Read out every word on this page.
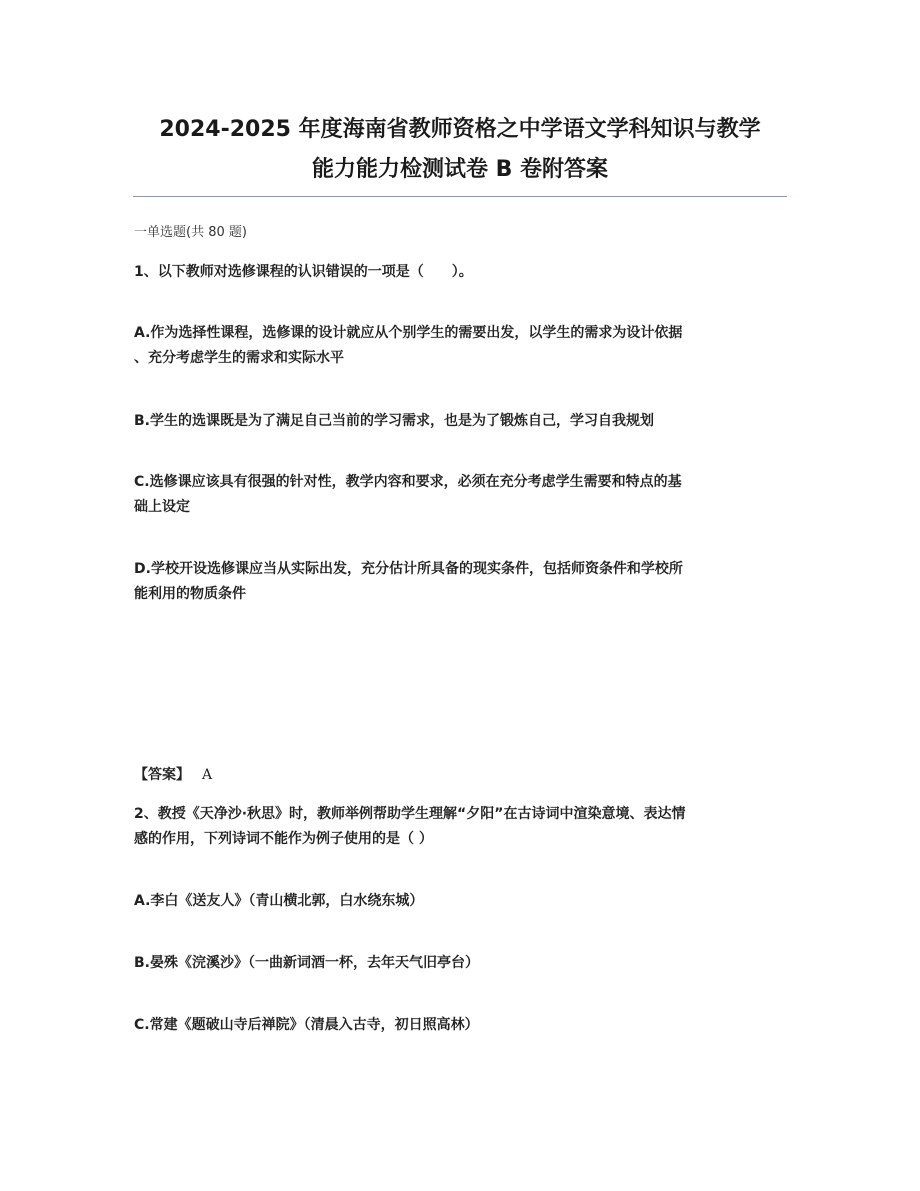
2024-2025 年度海南省教师资格之中学语文学科知识与教学
能力能力检测试卷 B 卷附答案
一单选题(共 80 题)
1、以下教师对选修课程的认识错误的一项是（　　）。
A.作为选择性课程，选修课的设计就应从个别学生的需要出发，以学生的需求为设计依据
、充分考虑学生的需求和实际水平
B.学生的选课既是为了满足自己当前的学习需求，也是为了锻炼自己，学习自我规划
C.选修课应该具有很强的针对性，教学内容和要求，必须在充分考虑学生需要和特点的基
础上设定
D.学校开设选修课应当从实际出发，充分估计所具备的现实条件，包括师资条件和学校所
能利用的物质条件
【答案】 A
2、教授《天净沙·秋思》时，教师举例帮助学生理解“夕阳”在古诗词中渲染意境、表达情
感的作用，下列诗词不能作为例子使用的是（ ）
A.李白《送友人》（青山横北郭，白水绕东城）
B.晏殊《浣溪沙》（一曲新词酒一杯，去年天气旧亭台）
C.常建《题破山寺后禅院》（清晨入古寺，初日照高林）
